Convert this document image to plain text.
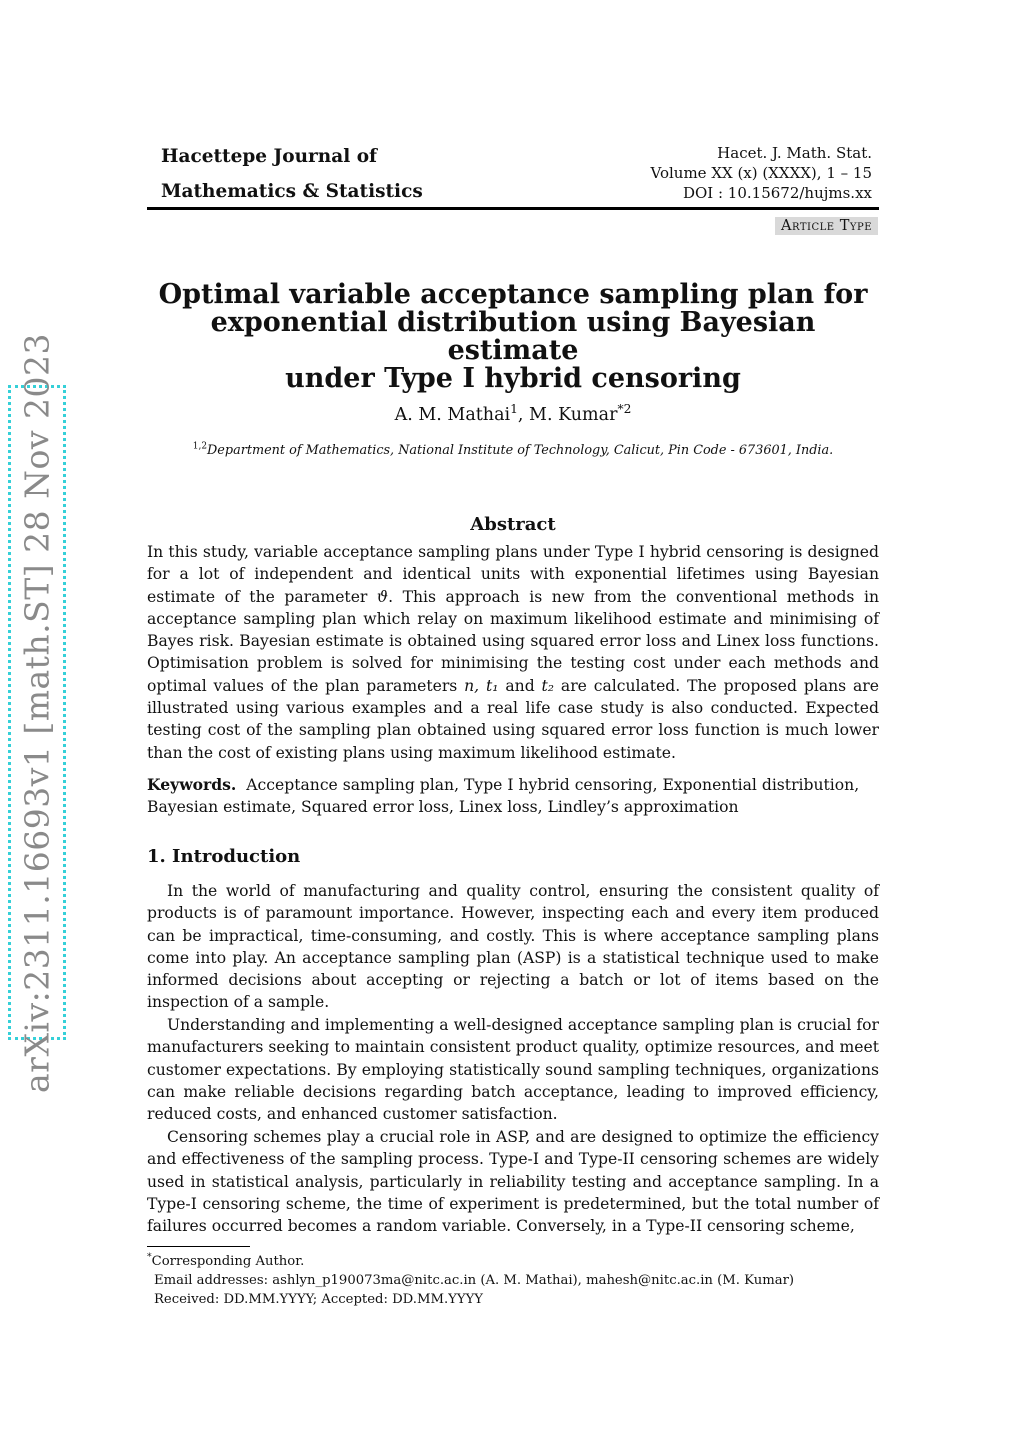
arXiv:2311.16693v1 [math.ST] 28 Nov 2023
Hacettepe Journal of
Mathematics & Statistics
Hacet. J. Math. Stat.
Volume XX (x) (XXXX), 1 – 15
DOI : 10.15672/hujms.xx
Article Type
Optimal variable acceptance sampling plan for
exponential distribution using Bayesian estimate
under Type I hybrid censoring
A. M. Mathai$^1$, M. Kumar$^{*2}$
$^{1,2}$Department of Mathematics, National Institute of Technology, Calicut, Pin Code - 673601, India.
Abstract

In this study, variable acceptance sampling plans under Type I hybrid censoring is designed for a lot of independent and identical units with exponential lifetimes using Bayesian estimate of the parameter ϑ. This approach is new from the conventional methods in acceptance sampling plan which relay on maximum likelihood estimate and minimising of Bayes risk. Bayesian estimate is obtained using squared error loss and Linex loss functions. Optimisation problem is solved for minimising the testing cost under each methods and optimal values of the plan parameters n, t₁ and t₂ are calculated. The proposed plans are illustrated using various examples and a real life case study is also conducted. Expected testing cost of the sampling plan obtained using squared error loss function is much lower than the cost of existing plans using maximum likelihood estimate.

Keywords. Acceptance sampling plan, Type I hybrid censoring, Exponential distribution, Bayesian estimate, Squared error loss, Linex loss, Lindley’s approximation

1. Introduction

In the world of manufacturing and quality control, ensuring the consistent quality of products is of paramount importance. However, inspecting each and every item produced can be impractical, time-consuming, and costly. This is where acceptance sampling plans come into play. An acceptance sampling plan (ASP) is a statistical technique used to make informed decisions about accepting or rejecting a batch or lot of items based on the inspection of a sample.

Understanding and implementing a well-designed acceptance sampling plan is crucial for manufacturers seeking to maintain consistent product quality, optimize resources, and meet customer expectations. By employing statistically sound sampling techniques, organizations can make reliable decisions regarding batch acceptance, leading to improved efficiency, reduced costs, and enhanced customer satisfaction.

Censoring schemes play a crucial role in ASP, and are designed to optimize the efficiency and effectiveness of the sampling process. Type-I and Type-II censoring schemes are widely used in statistical analysis, particularly in reliability testing and acceptance sampling. In a Type-I censoring scheme, the time of experiment is predetermined, but the total number of failures occurred becomes a random variable. Conversely, in a Type-II censoring scheme,

*Corresponding Author.
Email addresses: ashlyn_p190073ma@nitc.ac.in (A. M. Mathai), mahesh@nitc.ac.in (M. Kumar)
Received: DD.MM.YYYY; Accepted: DD.MM.YYYY
